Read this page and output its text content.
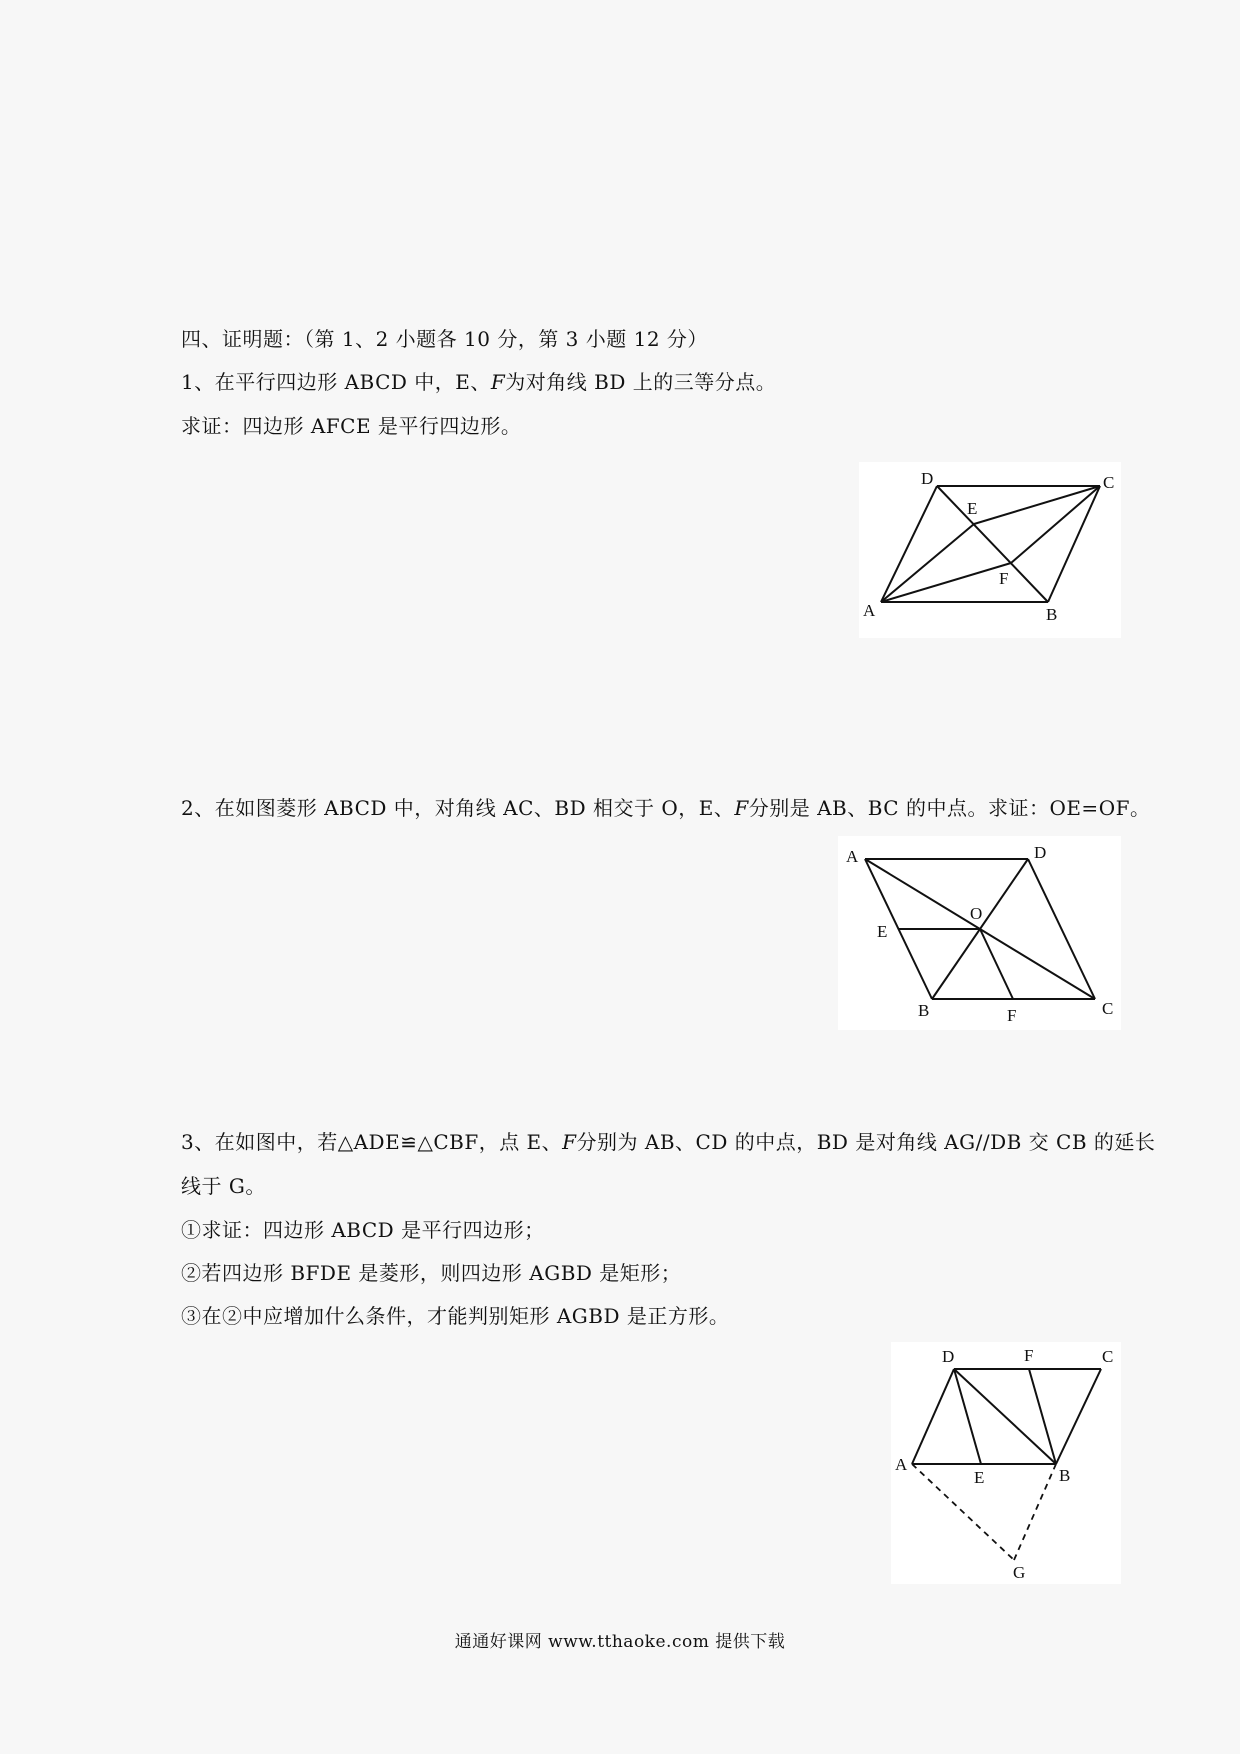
四、证明题：（第 1、2 小题各 10 分，第 3 小题 12 分）
1、在平行四边形 ABCD 中，E、𝐹为对角线 BD 上的三等分点。
求证：四边形 AFCE 是平行四边形。
A	B
C
D
E
F
2、在如图菱形 ABCD 中，对角线 AC、BD 相交于 O，E、𝐹分别是 AB、BC 的中点。求证：OE=OF。
A	D
O
E
B	F	C
3、在如图中，若△ADE≌△CBF，点 E、𝐹分别为 AB、CD 的中点，BD 是对角线 AG//DB 交 CB 的延长
线于 G。
①求证：四边形 ABCD 是平行四边形；
②若四边形 BFDE 是菱形，则四边形 AGBD 是矩形；
③在②中应增加什么条件，才能判别矩形 AGBD 是正方形。
A
D	F	C
E	B
G
通通好课网 www.tthaoke.com 提供下载
